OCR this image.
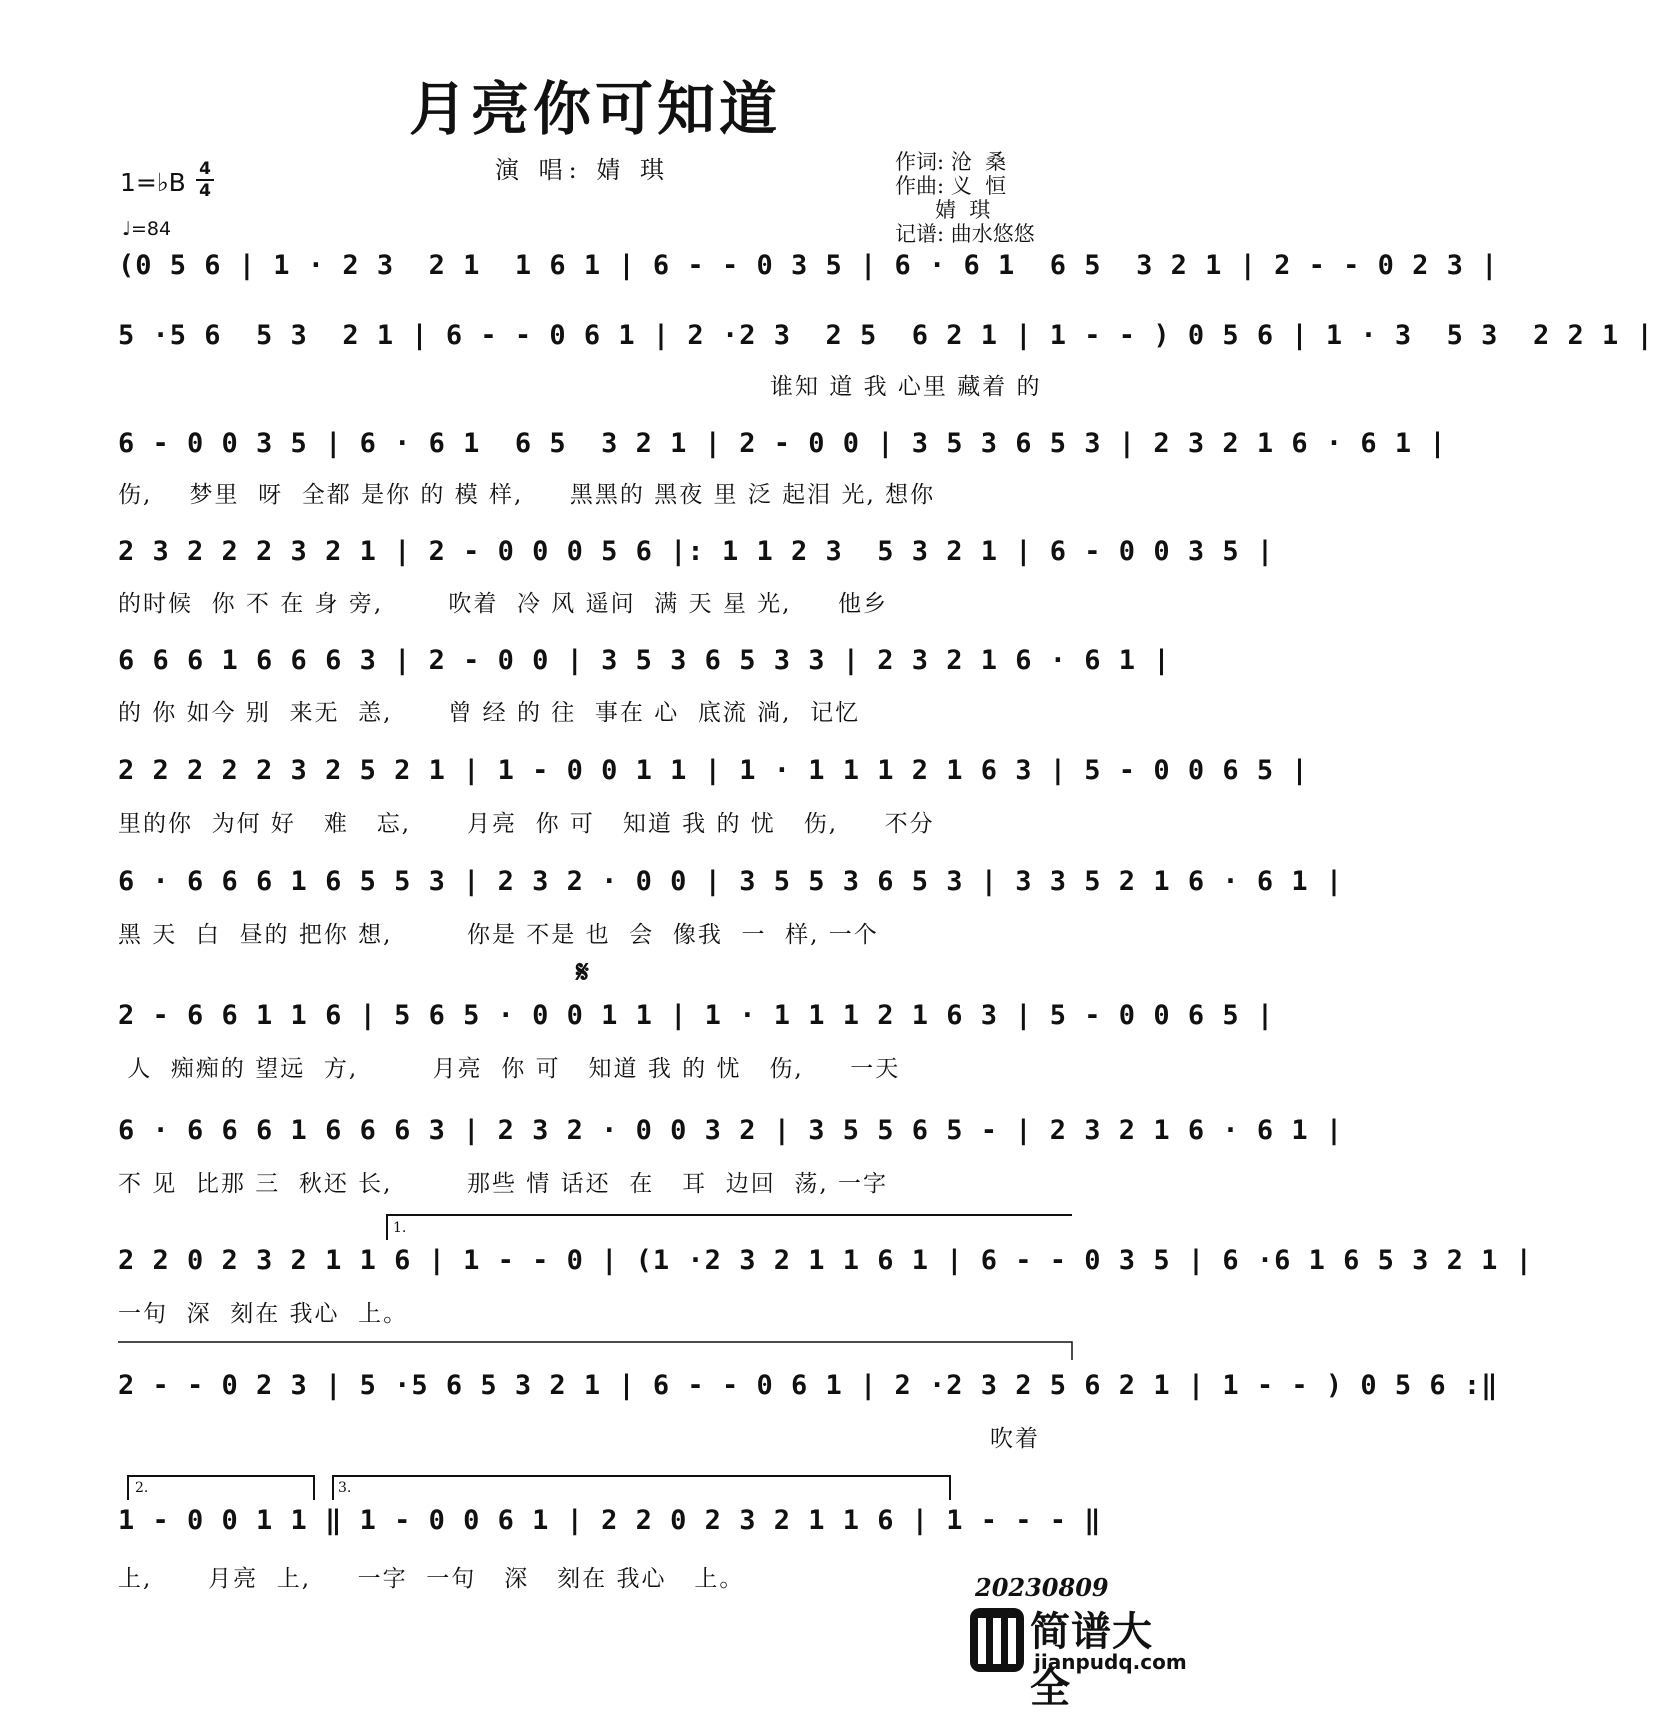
月亮你可知道
演 唱: 婧 琪	作词: 沧  桑
作曲: 义  恒
婧  琪
记谱: 曲水悠悠
1=♭B 4
4
♩=84
(0 5 6 | 1 · 2 3  2 1  1 6 1 | 6 - - 0 3 5 | 6 · 6 1  6 5  3 2 1 | 2 - - 0 2 3 |
5 ·5 6  5 3  2 1 | 6 - - 0 6 1 | 2 ·2 3  2 5  6 2 1 | 1 - - ) 0 5 6 | 1 · 3  5 3  2 2 1 |
谁知 道 我 心里 藏着 的
6 - 0 0 3 5 | 6 · 6 1  6 5  3 2 1 | 2 - 0 0 | 3 5 3 6 5 3 | 2 3 2 1 6 · 6 1 |
伤,    梦里  呀  全都 是你 的 模 样,     黑黑的 黑夜 里 泛 起泪 光, 想你
2 3 2 2 2 3 2 1 | 2 - 0 0 0 5 6 |: 1 1 2 3  5 3 2 1 | 6 - 0 0 3 5 |
的时候  你 不 在 身 旁,       吹着  冷 风 遥问  满 天 星 光,     他乡
6 6 6 1 6 6 6 3 | 2 - 0 0 | 3 5 3 6 5 3 3 | 2 3 2 1 6 · 6 1 |
的 你 如今 别  来无  恙,      曾 经 的 往  事在 心  底流 淌,  记忆
2 2 2 2 2 3 2 5 2 1 | 1 - 0 0 1 1 | 1 · 1 1 1 2 1 6 3 | 5 - 0 0 6 5 |
里的你  为何 好   难   忘,      月亮  你 可   知道 我 的 忧   伤,     不分
6 · 6 6 6 1 6 5 5 3 | 2 3 2 · 0 0 | 3 5 5 3 6 5 3 | 3 3 5 2 1 6 · 6 1 |
黑 天  白  昼的 把你 想,        你是 不是 也  会  像我  一  样, 一个
𝄋
2 - 6 6 1 1 6 | 5 6 5 · 0 0 1 1 | 1 · 1 1 1 2 1 6 3 | 5 - 0 0 6 5 |
人  痴痴的 望远  方,        月亮  你 可   知道 我 的 忧   伤,     一天
6 · 6 6 6 1 6 6 6 3 | 2 3 2 · 0 0 3 2 | 3 5 5 6 5 - | 2 3 2 1 6 · 6 1 |
不 见  比那 三  秋还 长,        那些 情 话还  在   耳  边回  荡, 一字
1.
2 2 0 2 3 2 1 1 6 | 1 - - 0 | (1 ·2 3 2 1 1 6 1 | 6 - - 0 3 5 | 6 ·6 1 6 5 3 2 1 |
一句  深  刻在 我心  上。
2 - - 0 2 3 | 5 ·5 6 5 3 2 1 | 6 - - 0 6 1 | 2 ·2 3 2 5 6 2 1 | 1 - - ) 0 5 6 :‖
吹着
2.	3.
1 - 0 0 1 1 ‖ 1 - 0 0 6 1 | 2 2 0 2 3 2 1 1 6 | 1 - - - ‖
上,      月亮  上,     一字  一句   深   刻在 我心   上。	20230809
简谱大全
jianpudq.com
